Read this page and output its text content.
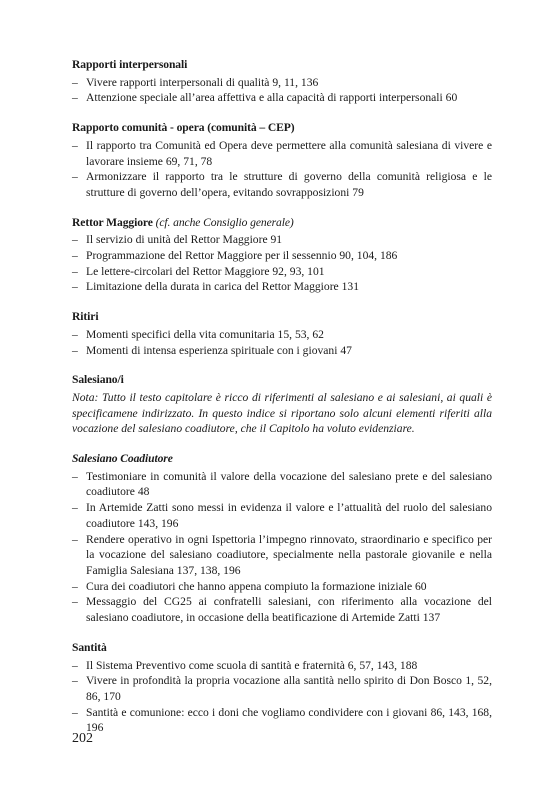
Rapporti interpersonali
– Vivere rapporti interpersonali di qualità 9, 11, 136
– Attenzione speciale all’area affettiva e alla capacità di rapporti interpersonali 60
Rapporto comunità - opera (comunità – CEP)
– Il rapporto tra Comunità ed Opera deve permettere alla comunità salesiana di vivere e lavorare insieme 69, 71, 78
– Armonizzare il rapporto tra le strutture di governo della comunità religiosa e le strutture di governo dell’opera, evitando sovrapposizioni 79
Rettor Maggiore (cf. anche Consiglio generale)
– Il servizio di unità del Rettor Maggiore 91
– Programmazione del Rettor Maggiore per il sessennio 90, 104, 186
– Le lettere-circolari del Rettor Maggiore 92, 93, 101
– Limitazione della durata in carica del Rettor Maggiore 131
Ritiri
– Momenti specifici della vita comunitaria 15, 53, 62
– Momenti di intensa esperienza spirituale con i giovani 47
Salesiano/i
Nota: Tutto il testo capitolare è ricco di riferimenti al salesiano e ai salesiani, ai quali è specificamene indirizzato. In questo indice si riportano solo alcuni elementi riferiti alla vocazione del salesiano coadiutore, che il Capitolo ha voluto evidenziare.
Salesiano Coadiutore
– Testimoniare in comunità il valore della vocazione del salesiano prete e del salesiano coadiutore 48
– In Artemide Zatti sono messi in evidenza il valore e l’attualità del ruolo del salesiano coadiutore 143, 196
– Rendere operativo in ogni Ispettoria l’impegno rinnovato, straordinario e specifico per la vocazione del salesiano coadiutore, specialmente nella pastorale giovanile e nella Famiglia Salesiana 137, 138, 196
– Cura dei coadiutori che hanno appena compiuto la formazione iniziale 60
– Messaggio del CG25 ai confratelli salesiani, con riferimento alla vocazione del salesiano coadiutore, in occasione della beatificazione di Artemide Zatti 137
Santità
– Il Sistema Preventivo come scuola di santità e fraternità 6, 57, 143, 188
– Vivere in profondità la propria vocazione alla santità nello spirito di Don Bosco 1, 52, 86, 170
– Santità e comunione: ecco i doni che vogliamo condividere con i giovani 86, 143, 168, 196
202
